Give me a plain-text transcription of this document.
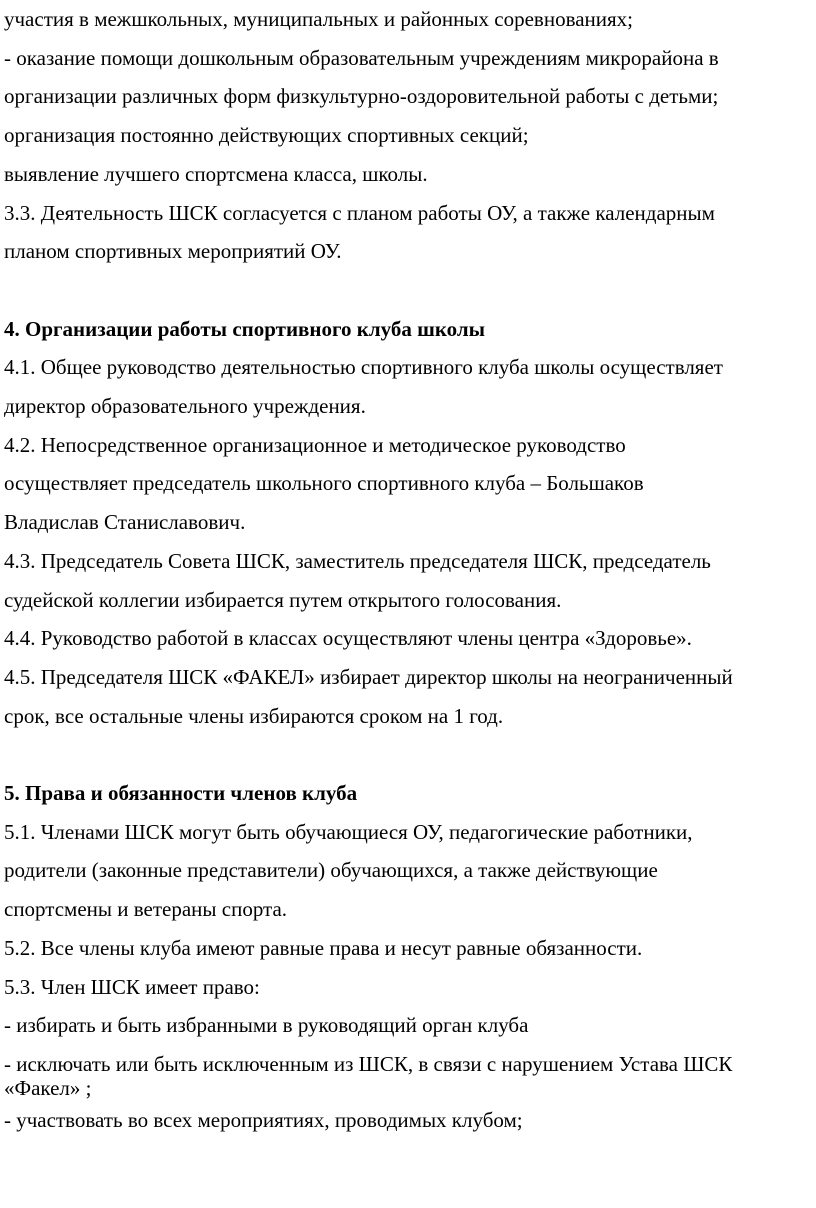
участия в межшкольных, муниципальных и районных соревнованиях;

- оказание помощи дошкольным образовательным учреждениям микрорайона в

организации различных форм физкультурно-оздоровительной работы с детьми;

организация постоянно действующих спортивных секций;

выявление лучшего спортсмена класса, школы.

3.3. Деятельность ШСК согласуется с планом работы ОУ, а также календарным

планом спортивных мероприятий ОУ.

4. Организации работы спортивного клуба школы

4.1. Общее руководство деятельностью спортивного клуба школы осуществляет

директор образовательного учреждения.

4.2. Непосредственное организационное и методическое руководство

осуществляет председатель школьного спортивного клуба – Большаков

Владислав Станиславович.

4.3. Председатель Совета ШСК, заместитель председателя ШСК, председатель

судейской коллегии избирается путем открытого голосования.

4.4. Руководство работой в классах осуществляют члены центра «Здоровье».

4.5. Председателя ШСК «ФАКЕЛ» избирает директор школы на неограниченный

срок, все остальные члены избираются сроком на 1 год.

5. Права и обязанности членов клуба

5.1. Членами ШСК могут быть обучающиеся ОУ, педагогические работники,

родители (законные представители) обучающихся, а также действующие

спортсмены и ветераны спорта.

5.2. Все члены клуба имеют равные права и несут равные обязанности.

5.3. Член ШСК имеет право:

- избирать и быть избранными в руководящий орган клуба

- исключать или быть исключенным из ШСК, в связи с нарушением Устава ШСК

«Факел» ;

- участвовать во всех мероприятиях, проводимых клубом;
